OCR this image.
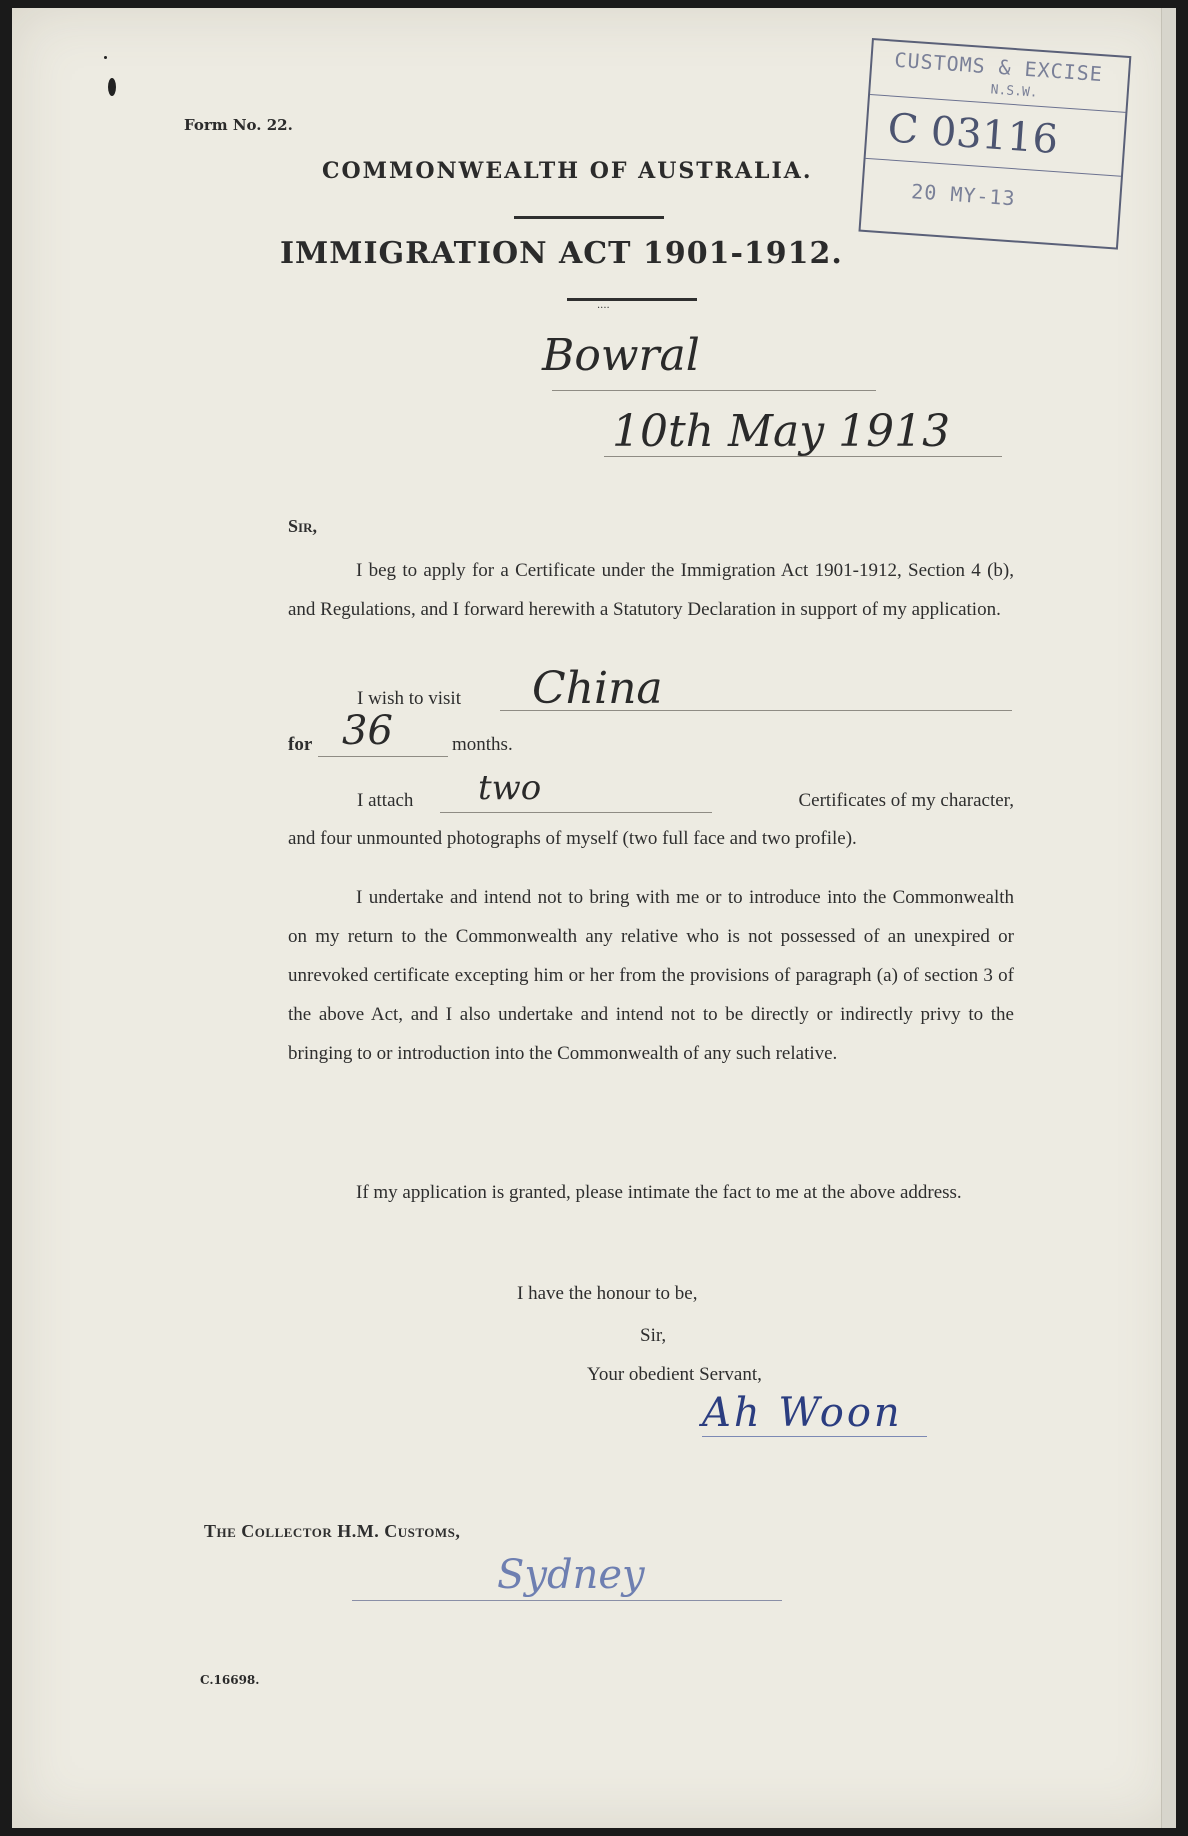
Form No. 22.
COMMONWEALTH OF AUSTRALIA.
IMMIGRATION ACT 1901-1912.
....
CUSTOMS & EXCISE
N.S.W.
C 03116
20 MY-13
Bowral
10th May 1913
Sir,
I beg to apply for a Certificate under the Immigration Act 1901-1912, Section 4 (b), and Regulations, and I forward herewith a Statutory Declaration in support of my application.
I wish to visit China
for 36	months.
I attach two	Certificates of my character,
and four unmounted photographs of myself (two full face and two profile).
I undertake and intend not to bring with me or to introduce into the Commonwealth on my return to the Commonwealth any relative who is not possessed of an unexpired or unrevoked certificate excepting him or her from the provisions of paragraph (a) of section 3 of the above Act, and I also undertake and intend not to be directly or indirectly privy to the bringing to or introduction into the Commonwealth of any such relative.
If my application is granted, please intimate the fact to me at the above address.
I have the honour to be,
Sir,
Your obedient Servant,
Ah Woon
The Collector H.M. Customs,
Sydney
C.16698.
